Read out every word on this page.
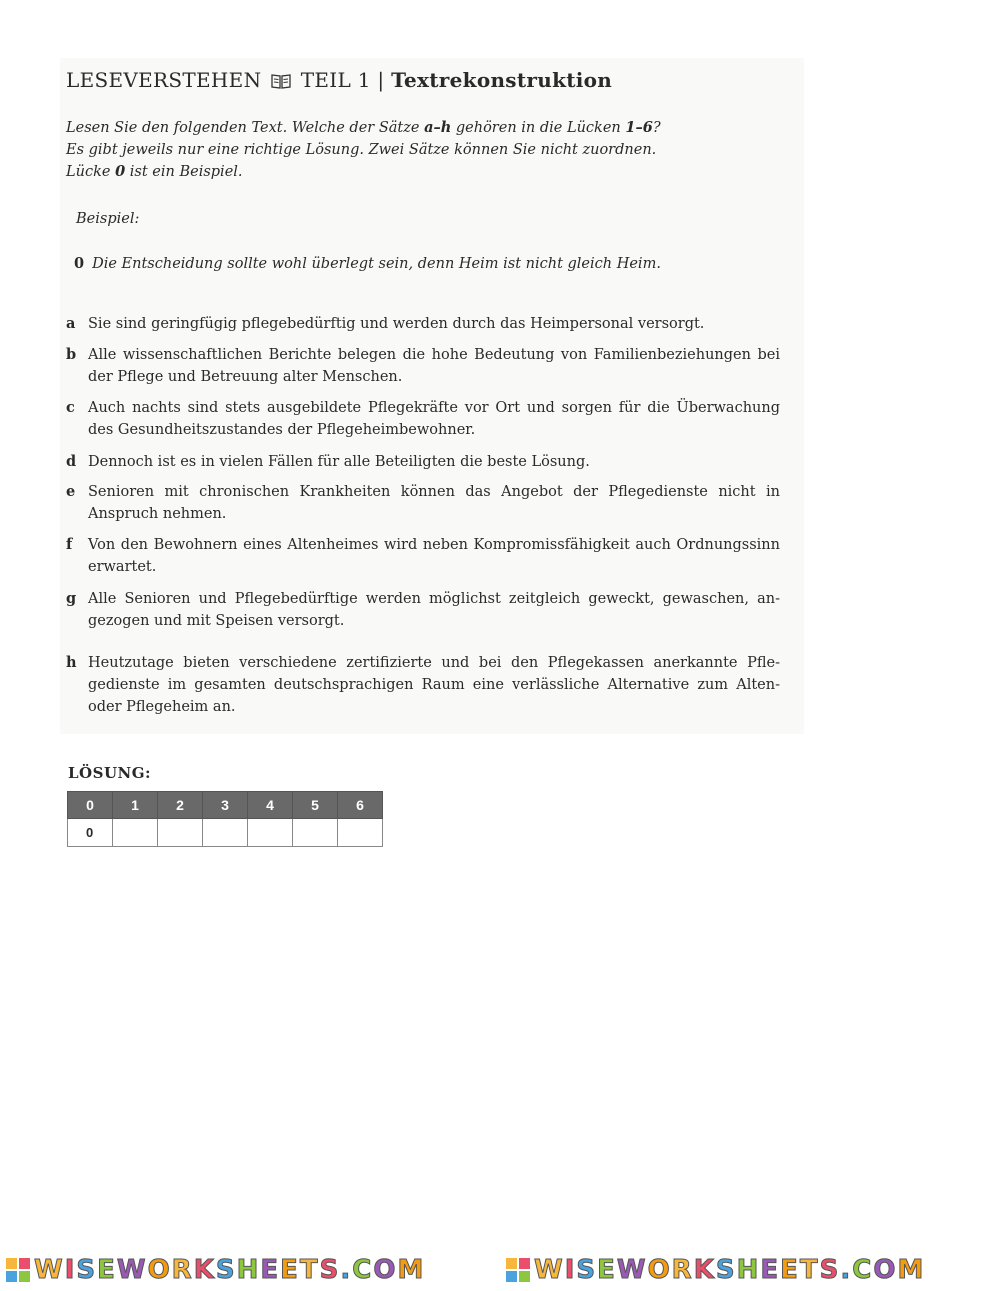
LESEVERSTEHEN TEIL 1 | Textrekonstruktion
Lesen Sie den folgenden Text. Welche der Sätze a–h gehören in die Lücken 1–6?
Es gibt jeweils nur eine richtige Lösung. Zwei Sätze können Sie nicht zuordnen.
Lücke 0 ist ein Beispiel.
Beispiel:
0 Die Entscheidung sollte wohl überlegt sein, denn Heim ist nicht gleich Heim.
a Sie sind geringfügig pflegebedürftig und werden durch das Heimpersonal versorgt.
b Alle wissenschaftlichen Berichte belegen die hohe Bedeutung von Familienbeziehungen bei der Pflege und Betreuung alter Menschen.
c Auch nachts sind stets ausgebildete Pflegekräfte vor Ort und sorgen für die Überwachung des Gesundheitszustandes der Pflegeheimbewohner.
d Dennoch ist es in vielen Fällen für alle Beteiligten die beste Lösung.
e Senioren mit chronischen Krankheiten können das Angebot der Pflegedienste nicht in Anspruch nehmen.
f	Von den Bewohnern eines Altenheimes wird neben Kompromissfähigkeit auch Ordnungssinn erwartet.
g Alle Senioren und Pflegebedürftige werden möglichst zeitgleich geweckt, gewaschen, angezogen und mit Speisen versorgt.
h Heutzutage bieten verschiedene zertifizierte und bei den Pflegekassen anerkannte Pflegedienste im gesamten deutschsprachigen Raum eine verlässliche Alternative zum Alten- oder Pflegeheim an.
LÖSUNG:
0	1	2	3	4	5	6
0						
WISEWORKSHEETS.COM	WISEWORKSHEETS.COM
